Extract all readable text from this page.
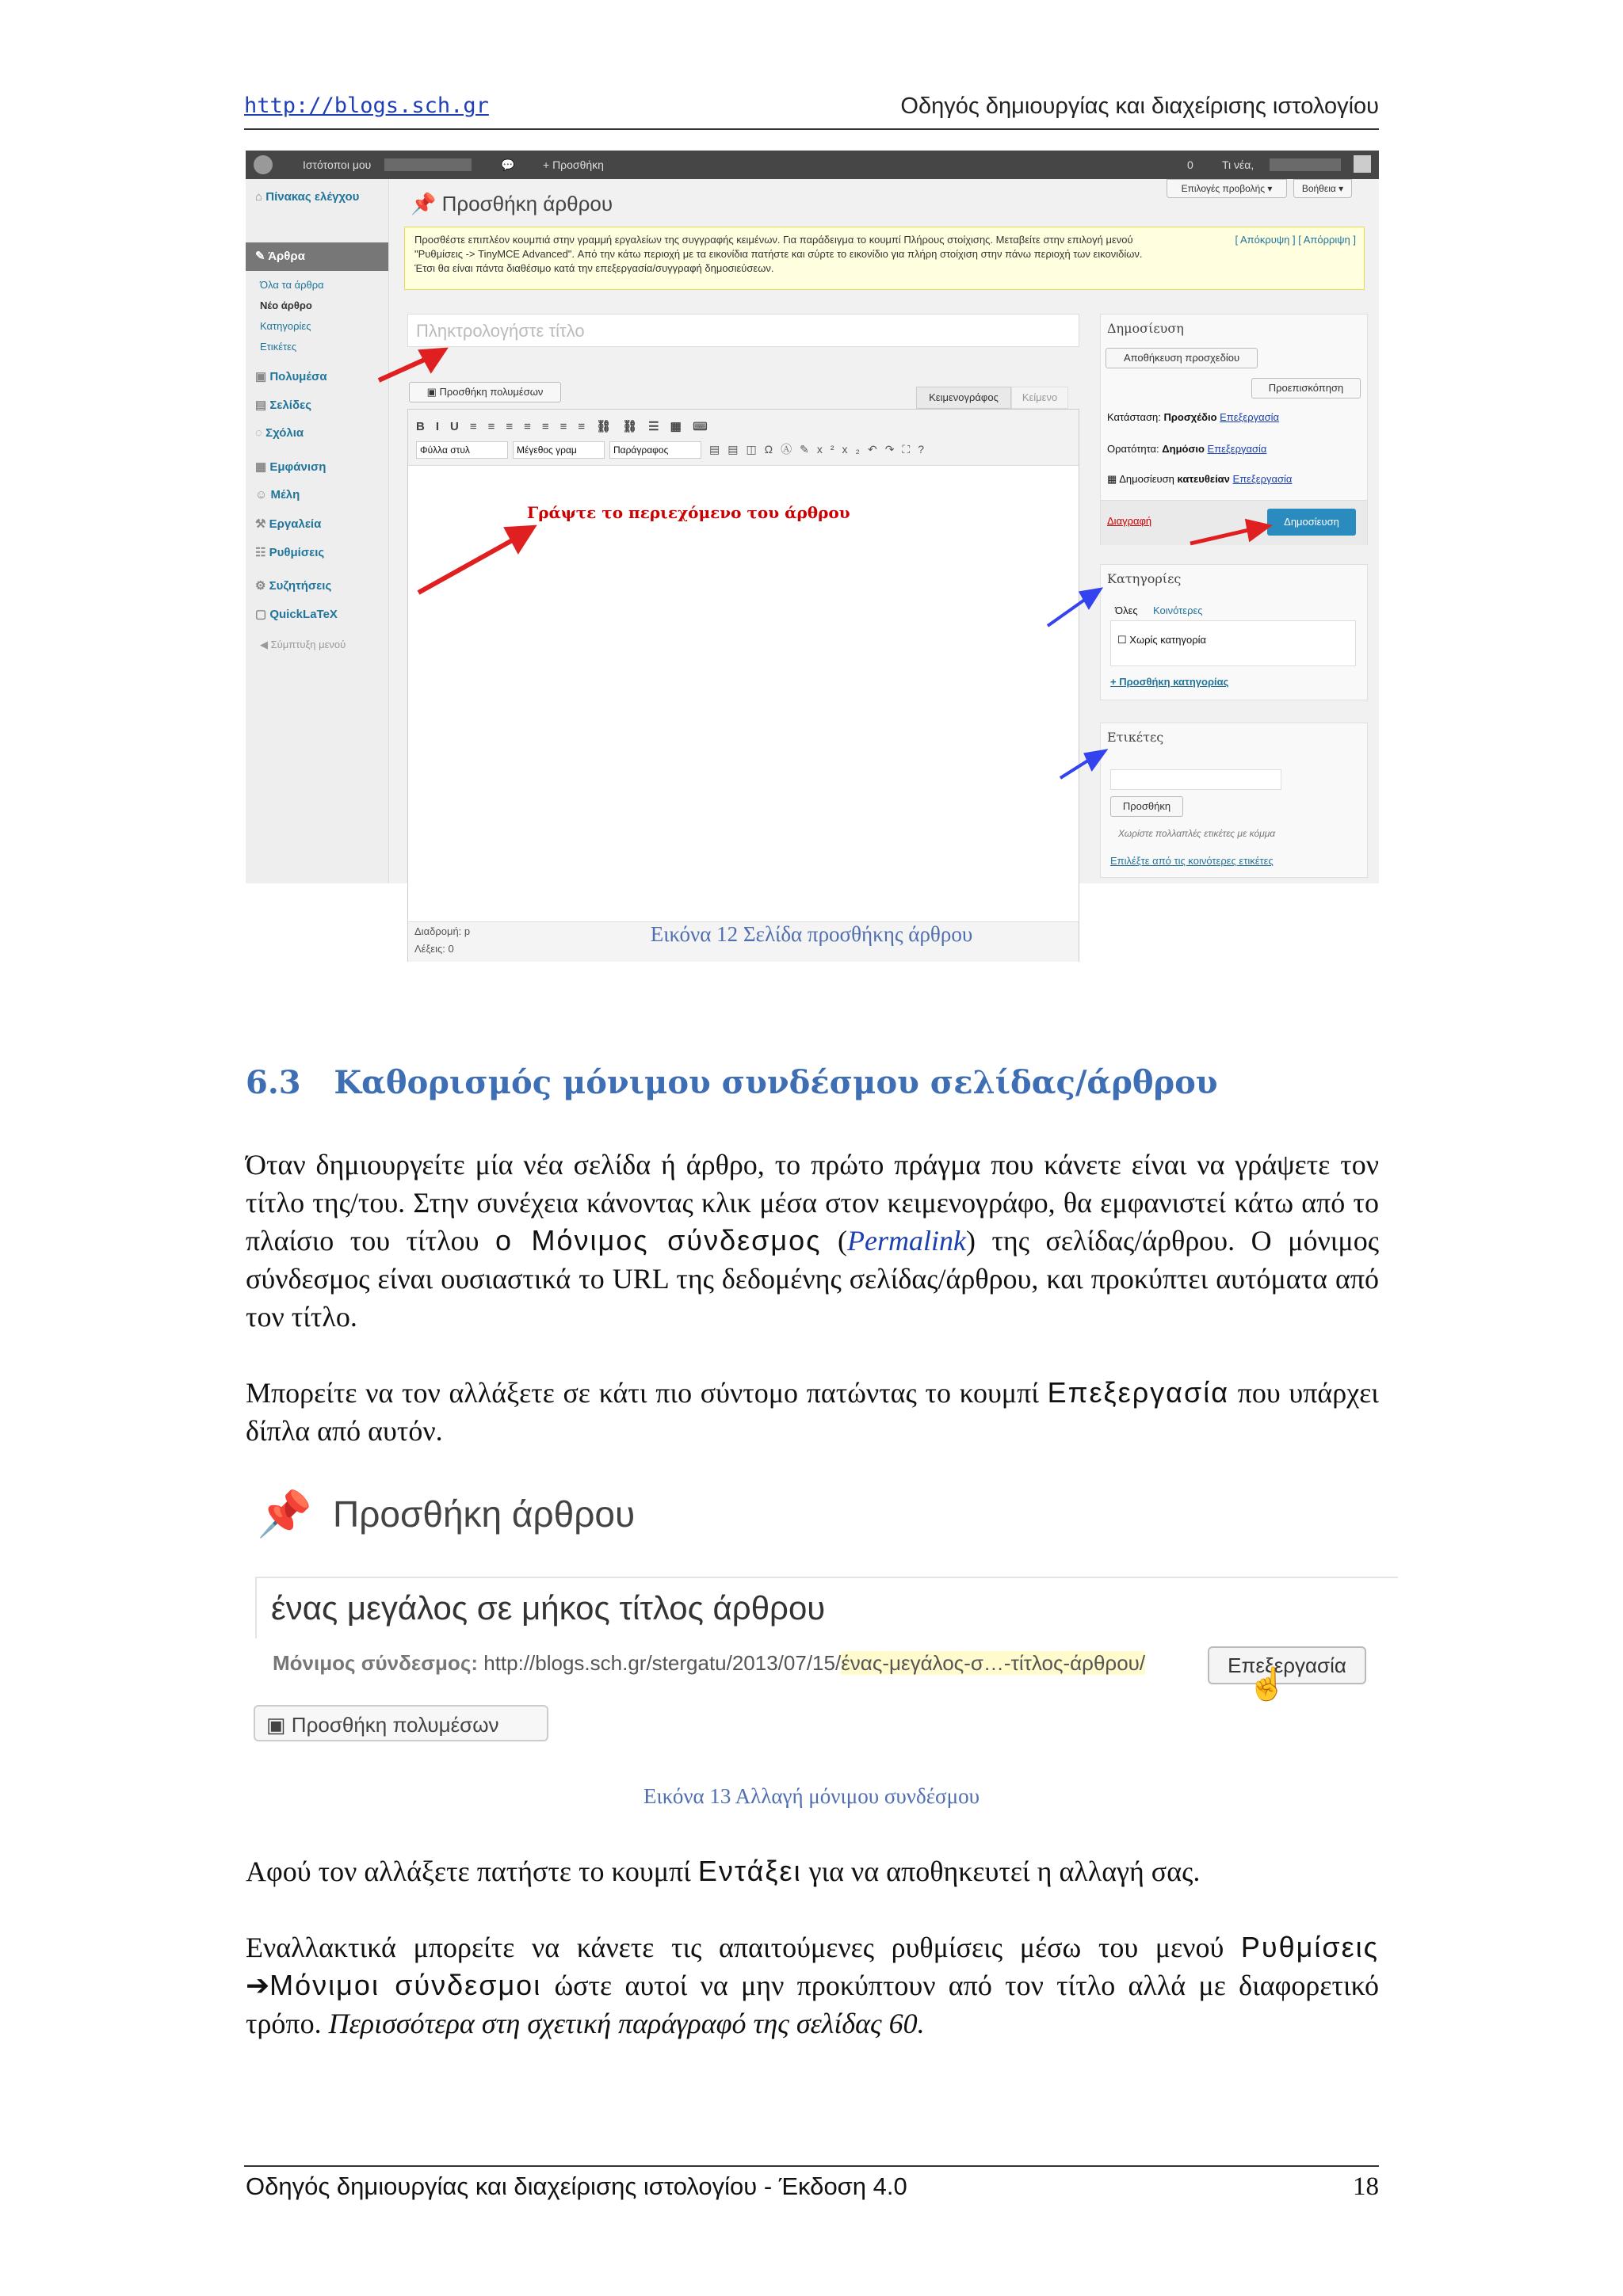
http://blogs.sch.gr	Οδηγός δημιουργίας και διαχείρισης ιστολογίου
Ιστότοποι μου	💬	+ Προσθήκη	0	Τι νέα,
⌂ Πίνακας ελέγχου
✎ Άρθρα
Όλα τα άρθρα
Νέο άρθρο
Κατηγορίες
Ετικέτες
▣ Πολυμέσα
▤ Σελίδες
◌ Σχόλια
▦ Εμφάνιση
☺ Μέλη
⚒ Εργαλεία
☷ Ρυθμίσεις
⚙ Συζητήσεις
▢ QuickLaTeX
◀ Σύμπτυξη μενού
Επιλογές προβολής ▾	Βοήθεια ▾
📌 Προσθήκη άρθρου
Προσθέστε επιπλέον κουμπιά στην γραμμή εργαλείων της συγγραφής κειμένων. Για παράδειγμα το κουμπί Πλήρους στοίχισης. Μεταβείτε στην επιλογή μενού
"Ρυθμίσεις -> TinyMCE Advanced". Από την κάτω περιοχή με τα εικονίδια πατήστε και σύρτε το εικονίδιο για πλήρη στοίχιση στην πάνω περιοχή των εικονιδίων.
Έτσι θα είναι πάντα διαθέσιμο κατά την επεξεργασία/συγγραφή δημοσιεύσεων.
[ Απόκρυψη ] [ Απόρριψη ]
Πληκτρολογήστε τίτλο
▣ Προσθήκη πολυμέσων	Κειμενογράφος	Κείμενο
BIU≡≡≡≡≡≡≡⛓⛓☰▦⌨
Φύλλα στυλ	Μέγεθος γραμ	Παράγραφος	▤▤◫ΩⒶ✎x²x₂↶↷⛶?
Γράψτε το περιεχόμενο του άρθρου
Διαδρομή: p
Λέξεις: 0
Δημοσίευση
Αποθήκευση προσχεδίου
Προεπισκόπηση
Κατάσταση: Προσχέδιο Επεξεργασία
Ορατότητα: Δημόσιο Επεξεργασία
▦ Δημοσίευση κατευθείαν Επεξεργασία
Διαγραφή	Δημοσίευση
Κατηγορίες
Όλες Κοινότερες
☐ Χωρίς κατηγορία
+ Προσθήκη κατηγορίας
Ετικέτες
Προσθήκη
Χωρίστε πολλαπλές ετικέτες με κόμμα
Επιλέξτε από τις κοινότερες ετικέτες
Εικόνα 12 Σελίδα προσθήκης άρθρου
6.3 Καθορισμός μόνιμου συνδέσμου σελίδας/άρθρου
Όταν δημιουργείτε μία νέα σελίδα ή άρθρο, το πρώτο πράγμα που κάνετε είναι να γράψετε τον τίτλο της/του. Στην συνέχεια κάνοντας κλικ μέσα στον κειμενογράφο, θα εμφανιστεί κάτω από το πλαίσιο του τίτλου ο Μόνιμος σύνδεσμος (Permalink) της σελίδας/άρθρου. Ο μόνιμος σύνδεσμος είναι ουσιαστικά το URL της δεδομένης σελίδας/άρθρου, και προκύπτει αυτόματα από τον τίτλο.
Μπορείτε να τον αλλάξετε σε κάτι πιο σύντομο πατώντας το κουμπί Επεξεργασία που υπάρχει δίπλα από αυτόν.
📌 Προσθήκη άρθρου
ένας μεγάλος σε μήκος τίτλος άρθρου
Μόνιμος σύνδεσμος: http://blogs.sch.gr/stergatu/2013/07/15/ένας-μεγάλος-σ…-τίτλος-άρθρου/	Επεξεργασία
☝
▣ Προσθήκη πολυμέσων
Εικόνα 13 Αλλαγή μόνιμου συνδέσμου
Αφού τον αλλάξετε πατήστε το κουμπί Εντάξει για να αποθηκευτεί η αλλαγή σας.
Εναλλακτικά μπορείτε να κάνετε τις απαιτούμενες ρυθμίσεις μέσω του μενού Ρυθμίσεις ➔Μόνιμοι σύνδεσμοι ώστε αυτοί να μην προκύπτουν από τον τίτλο αλλά με διαφορετικό τρόπο. Περισσότερα στη σχετική παράγραφό της σελίδας 60.
Οδηγός δημιουργίας και διαχείρισης ιστολογίου - Έκδοση 4.0	18
